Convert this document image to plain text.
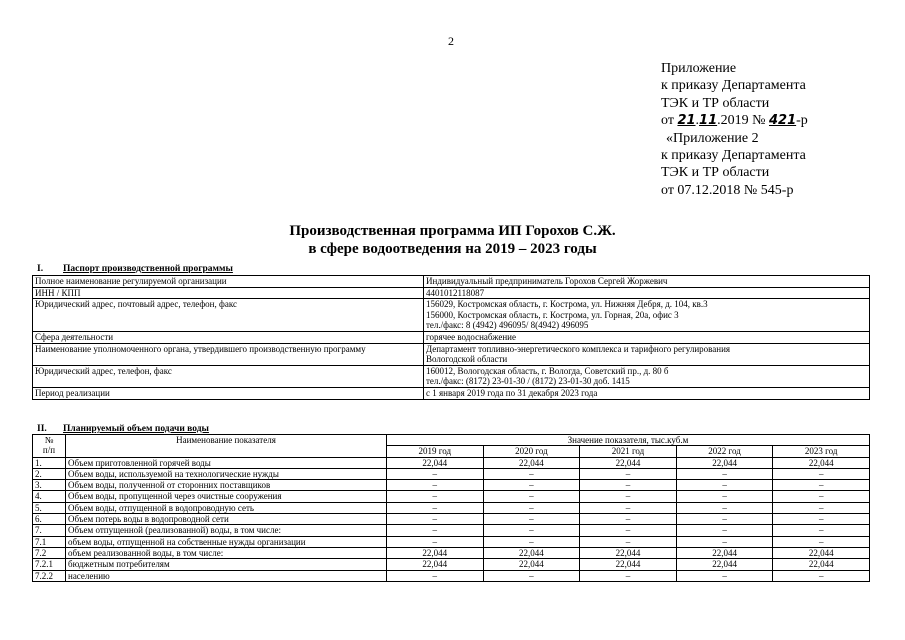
2
Приложение
к приказу Департамента
ТЭК и ТР области
от 21.11.2019 № 421-р
«Приложение 2
к приказу Департамента
ТЭК и ТР области
от 07.12.2018 № 545-р
Производственная программа ИП Горохов С.Ж.
в сфере водоотведения на 2019 – 2023 годы
I. Паспорт производственной программы
Полное наименование регулируемой организации	Индивидуальный предприниматель Горохов Сергей Жоржевич

ИНН / КПП	4401012118087

Юридический адрес, почтовый адрес, телефон, факс	156029, Костромская область, г. Кострома, ул. Нижняя Дебря, д. 104, кв.3
156000, Костромская область, г. Кострома, ул. Горная, 20а, офис 3
тел./факс: 8 (4942) 496095/ 8(4942) 496095

Сфера деятельности	горячее водоснабжение

Наименование уполномоченного органа, утвердившего производственную программу	Департамент топливно-энергетического комплекса и тарифного регулирования
Вологодской области

Юридический адрес, телефон, факс	160012, Вологодская область, г. Вологда, Советский пр., д. 80 б
тел./факс: (8172) 23-01-30 / (8172) 23-01-30 доб. 1415

Период реализации	с 1 января 2019 года по 31 декабря 2023 года
II. Планируемый объем подачи воды
№
п/п	Наименование показателя	Значение показателя, тыс.куб.м				
		2019 год	2020 год	2021 год	2022 год	2023 год
1.	Объем приготовленной горячей воды	22,044	22,044	22,044	22,044	22,044
2.	Объем воды, используемой на технологические нужды	–	–	–	–	–
3.	Объем воды, полученной от сторонних поставщиков	–	–	–	–	–
4.	Объем воды, пропущенной через очистные сооружения	–	–	–	–	–
5.	Объем воды, отпущенной в водопроводную сеть	–	–	–	–	–
6.	Объем потерь воды в водопроводной сети	–	–	–	–	–
7.	Объем отпущенной (реализованной) воды, в том числе:	–	–	–	–	–
7.1	объем воды, отпущенной на собственные нужды организации	–	–	–	–	–
7.2	объем реализованной воды, в том числе:	22,044	22,044	22,044	22,044	22,044
7.2.1	бюджетным потребителям	22,044	22,044	22,044	22,044	22,044
7.2.2	населению	–	–	–	–	–
